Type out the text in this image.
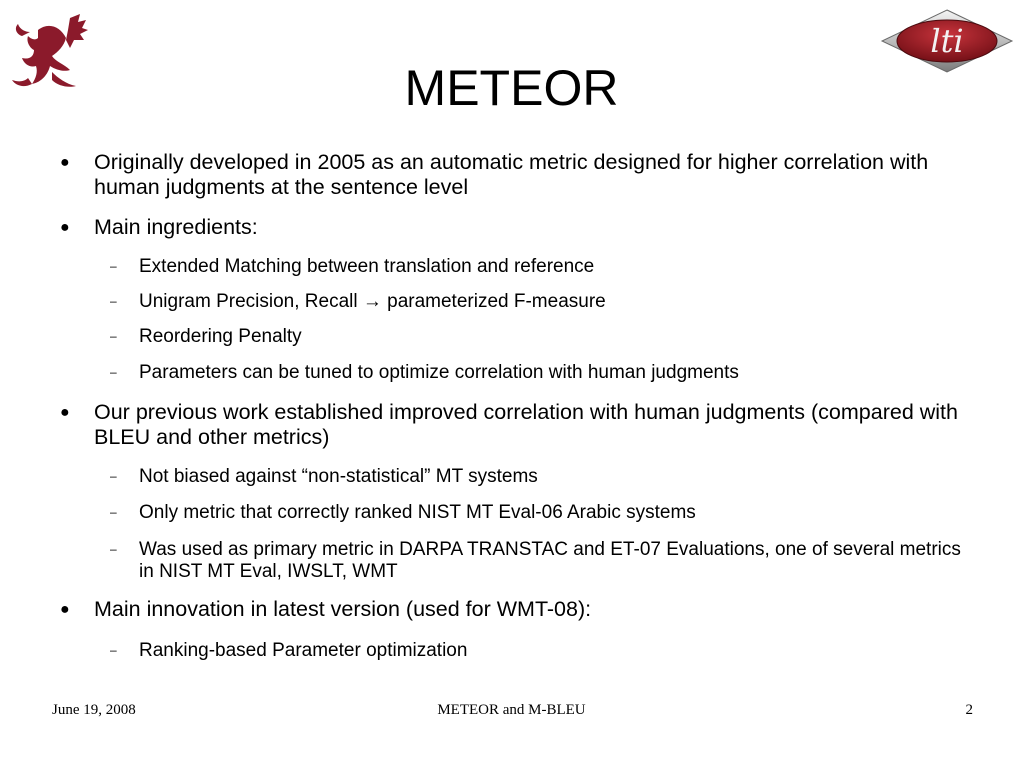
lti
METEOR
● Originally developed in 2005 as an automatic metric designed for higher correlation with human judgments at the sentence level
● Main ingredients:
– Extended Matching between translation and reference
– Unigram Precision, Recall → parameterized F-measure
– Reordering Penalty
– Parameters can be tuned to optimize correlation with human judgments
● Our previous work established improved correlation with human judgments (compared with BLEU and other metrics)
– Not biased against “non-statistical” MT systems
– Only metric that correctly ranked NIST MT Eval-06 Arabic systems
– Was used as primary metric in DARPA TRANSTAC and ET-07 Evaluations, one of several metrics in NIST MT Eval, IWSLT, WMT
● Main innovation in latest version (used for WMT-08):
– Ranking-based Parameter optimization
June 19, 2008	METEOR and M-BLEU	2
